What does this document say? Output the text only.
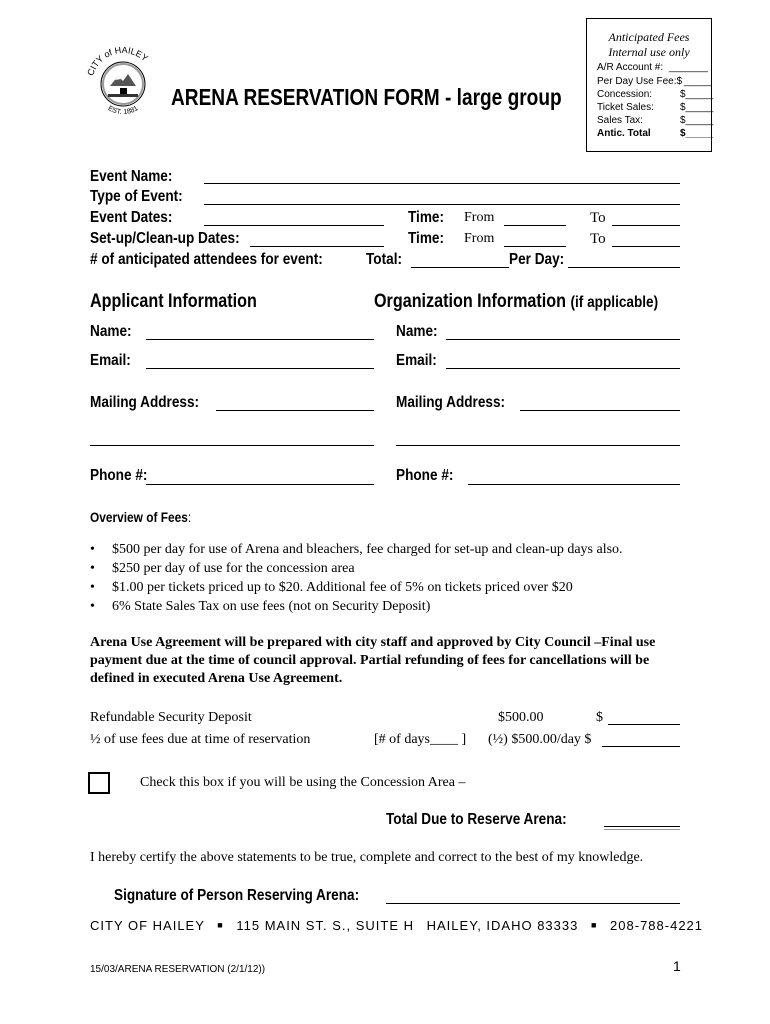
CITY of HAILEY
EST. 1881 ARENA RESERVATION FORM - large group
Anticipated Fees
Internal use only
A/R Account #: _______
Per Day Use Fee:$ _____
Concession:	$_____
Ticket Sales:	$_____
Sales Tax:	$_____
Antic. Total	$_____
Event Name:
Type of Event:
Event Dates:	Time: From	To
Set-up/Clean-up Dates:	Time: From	To
# of anticipated attendees for event:	Total:	Per Day:
Applicant Information	Organization Information (if applicable)
Name:
Email:
Mailing Address:
Phone #:
Name:
Email:
Mailing Address:
Phone #:
Overview of Fees:
• $500 per day for use of Arena and bleachers, fee charged for set-up and clean-up days also.
• $250 per day of use for the concession area
• $1.00 per tickets priced up to $20. Additional fee of 5% on tickets priced over $20
• 6% State Sales Tax on use fees (not on Security Deposit)
Arena Use Agreement will be prepared with city staff and approved by City Council –Final use payment due at the time of council approval. Partial refunding of fees for cancellations will be defined in executed Arena Use Agreement.
Refundable Security Deposit	$500.00	$
½ of use fees due at time of reservation	[# of days____ ] (½) $500.00/day $
Check this box if you will be using the Concession Area –
Total Due to Reserve Arena:
I hereby certify the above statements to be true, complete and correct to the best of my knowledge.
Signature of Person Reserving Arena:
CITY OF HAILEY ■ 115 MAIN ST. S., SUITE H HAILEY, IDAHO 83333 ■ 208-788-4221
15/03/ARENA RESERVATION (2/1/12))	1
